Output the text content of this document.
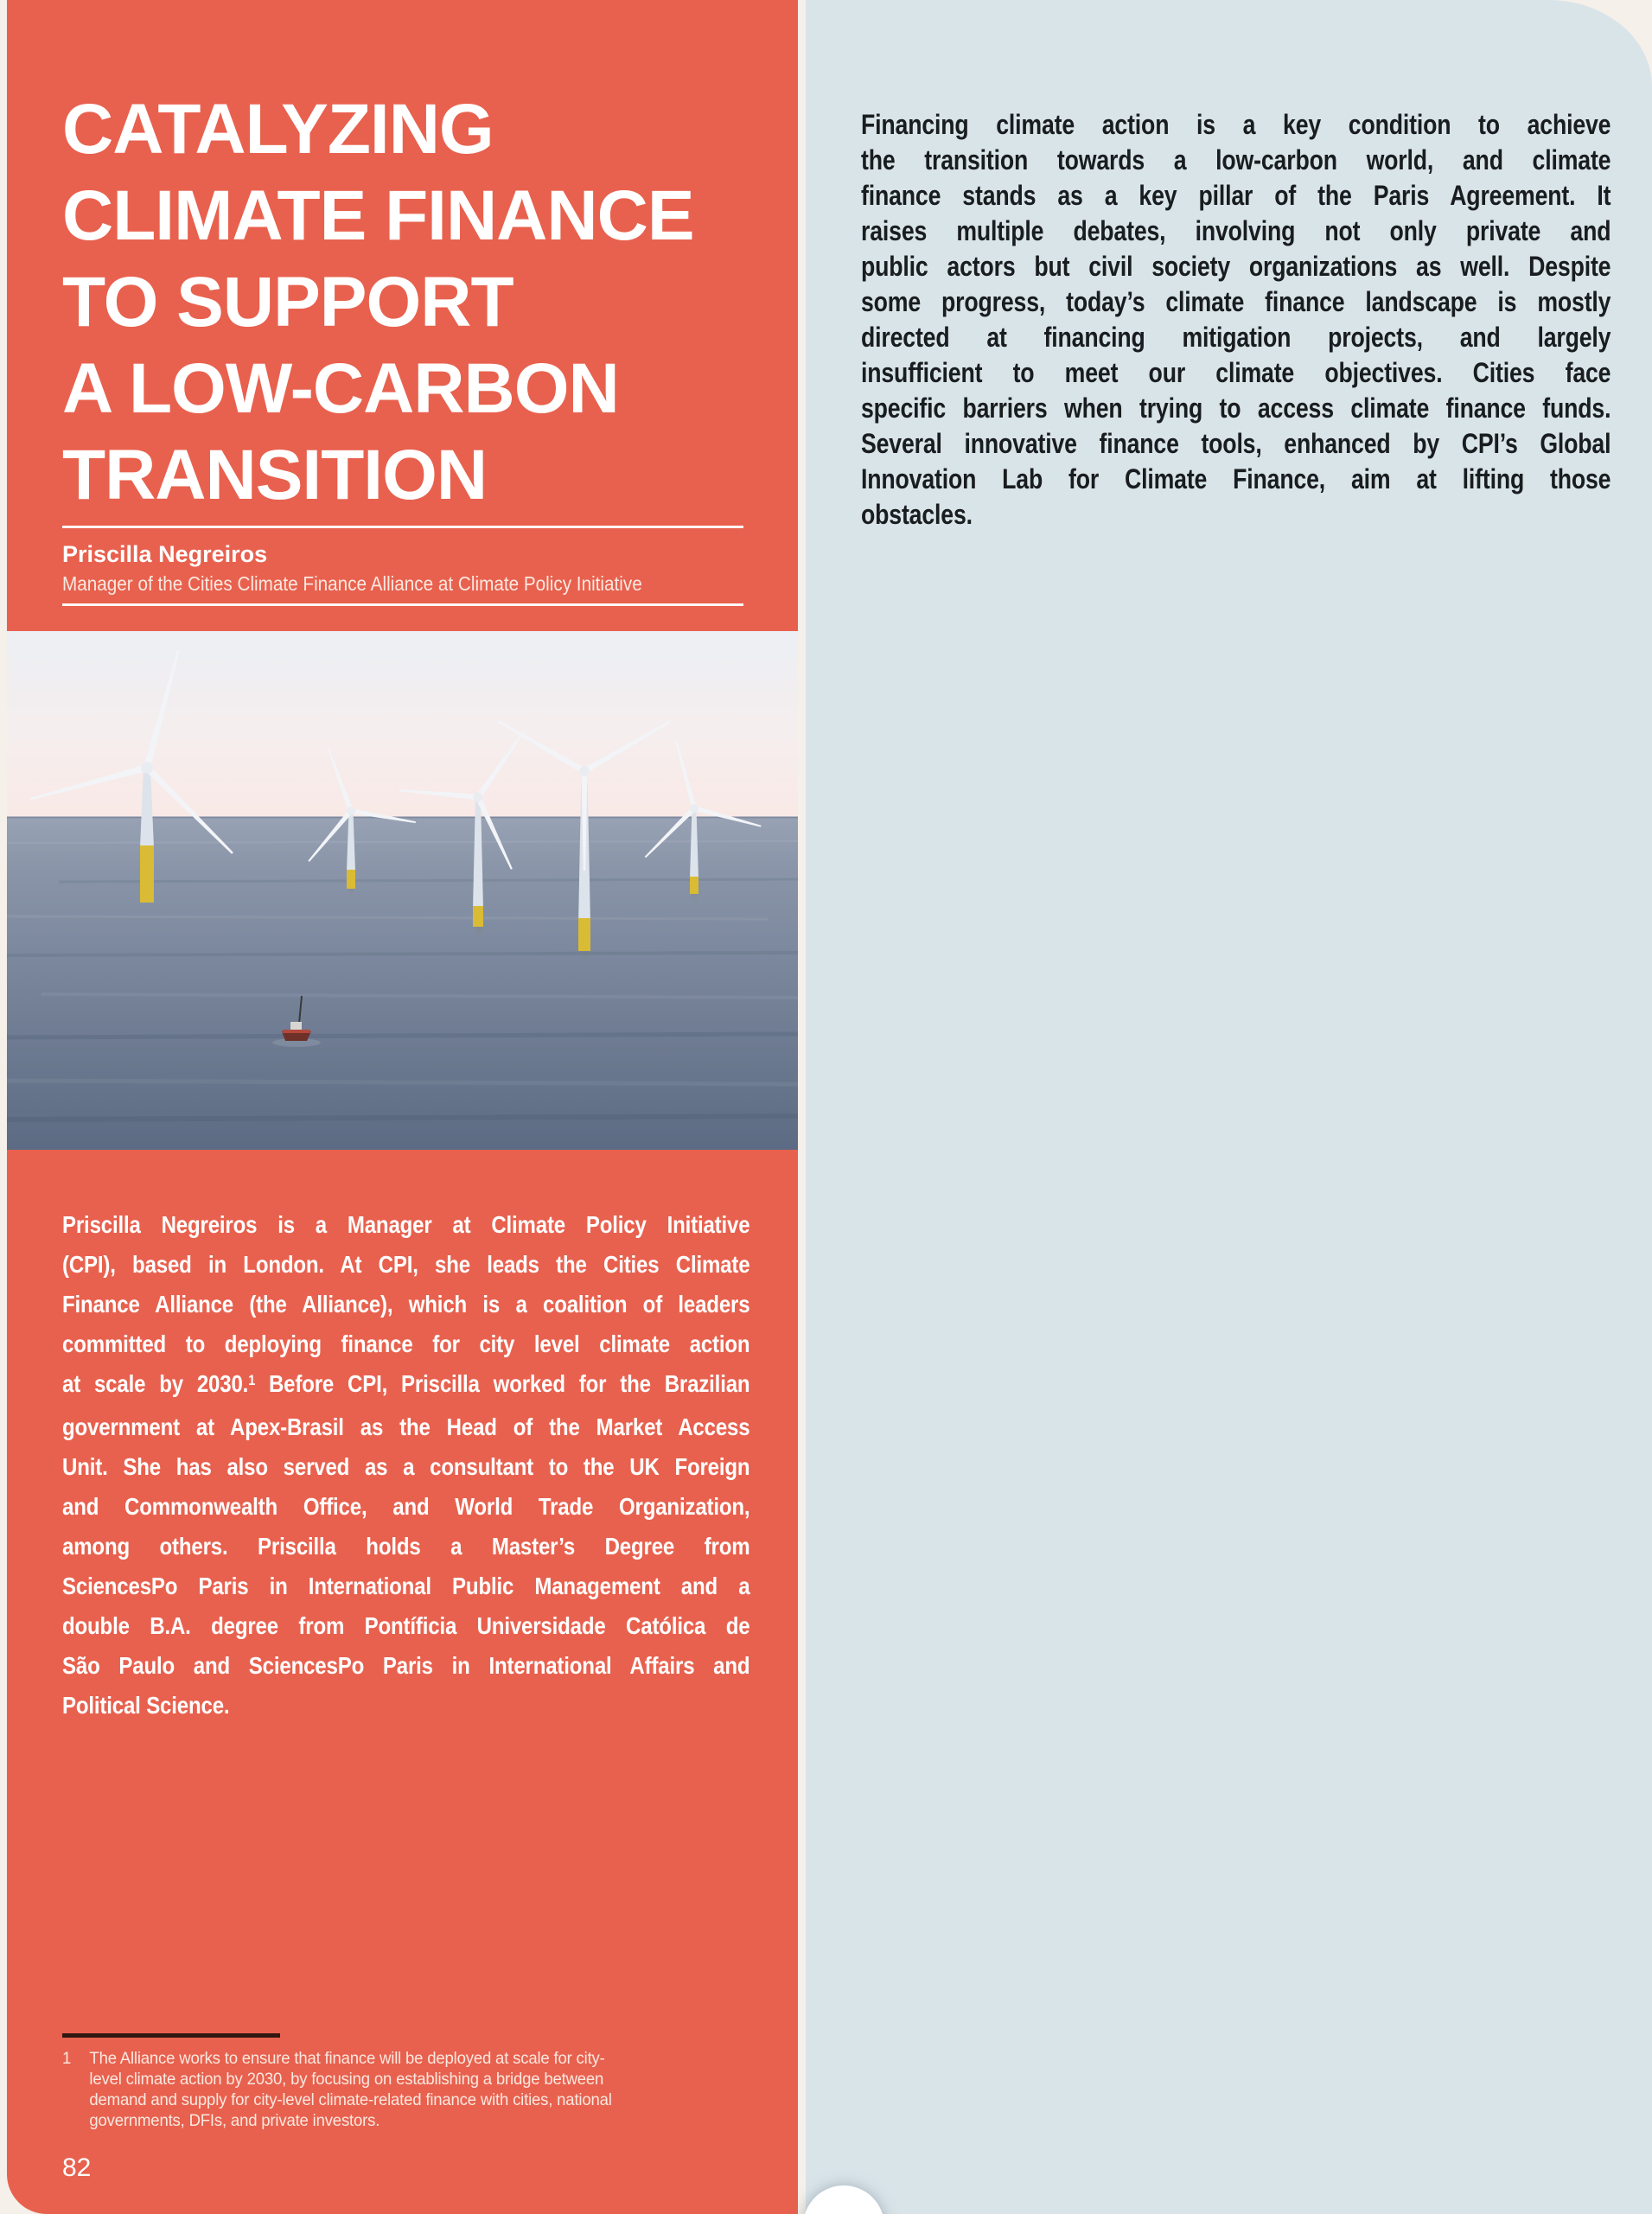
CATALYZING
CLIMATE FINANCE
TO SUPPORT
A LOW-CARBON
TRANSITION
Priscilla Negreiros
Manager of the Cities Climate Finance Alliance at Climate Policy Initiative
Priscilla Negreiros is a Manager at Climate Policy Initiative
(CPI), based in London. At CPI, she leads the Cities Climate
Finance Alliance (the Alliance), which is a coalition of leaders
committed to deploying finance for city level climate action
at scale by 2030.$^1$ Before CPI, Priscilla worked for the Brazilian
government at Apex-Brasil as the Head of the Market Access
Unit. She has also served as a consultant to the UK Foreign
and Commonwealth Office, and World Trade Organization,
among others. Priscilla holds a Master’s Degree from
SciencesPo Paris in International Public Management and a
double B.A. degree from Pontíficia Universidade Católica de
São Paulo and SciencesPo Paris in International Affairs and
Political Science.
1	The Alliance works to ensure that finance will be deployed at scale for city-
level climate action by 2030, by focusing on establishing a bridge between
demand and supply for city-level climate-related finance with cities, national
governments, DFIs, and private investors.
82
Financing climate action is a key condition to achieve
the transition towards a low-carbon world, and climate
finance stands as a key pillar of the Paris Agreement. It
raises multiple debates, involving not only private and
public actors but civil society organizations as well. Despite
some progress, today’s climate finance landscape is mostly
directed at financing mitigation projects, and largely
insufficient to meet our climate objectives. Cities face
specific barriers when trying to access climate finance funds.
Several innovative finance tools, enhanced by CPI’s Global
Innovation Lab for Climate Finance, aim at lifting those
obstacles.
